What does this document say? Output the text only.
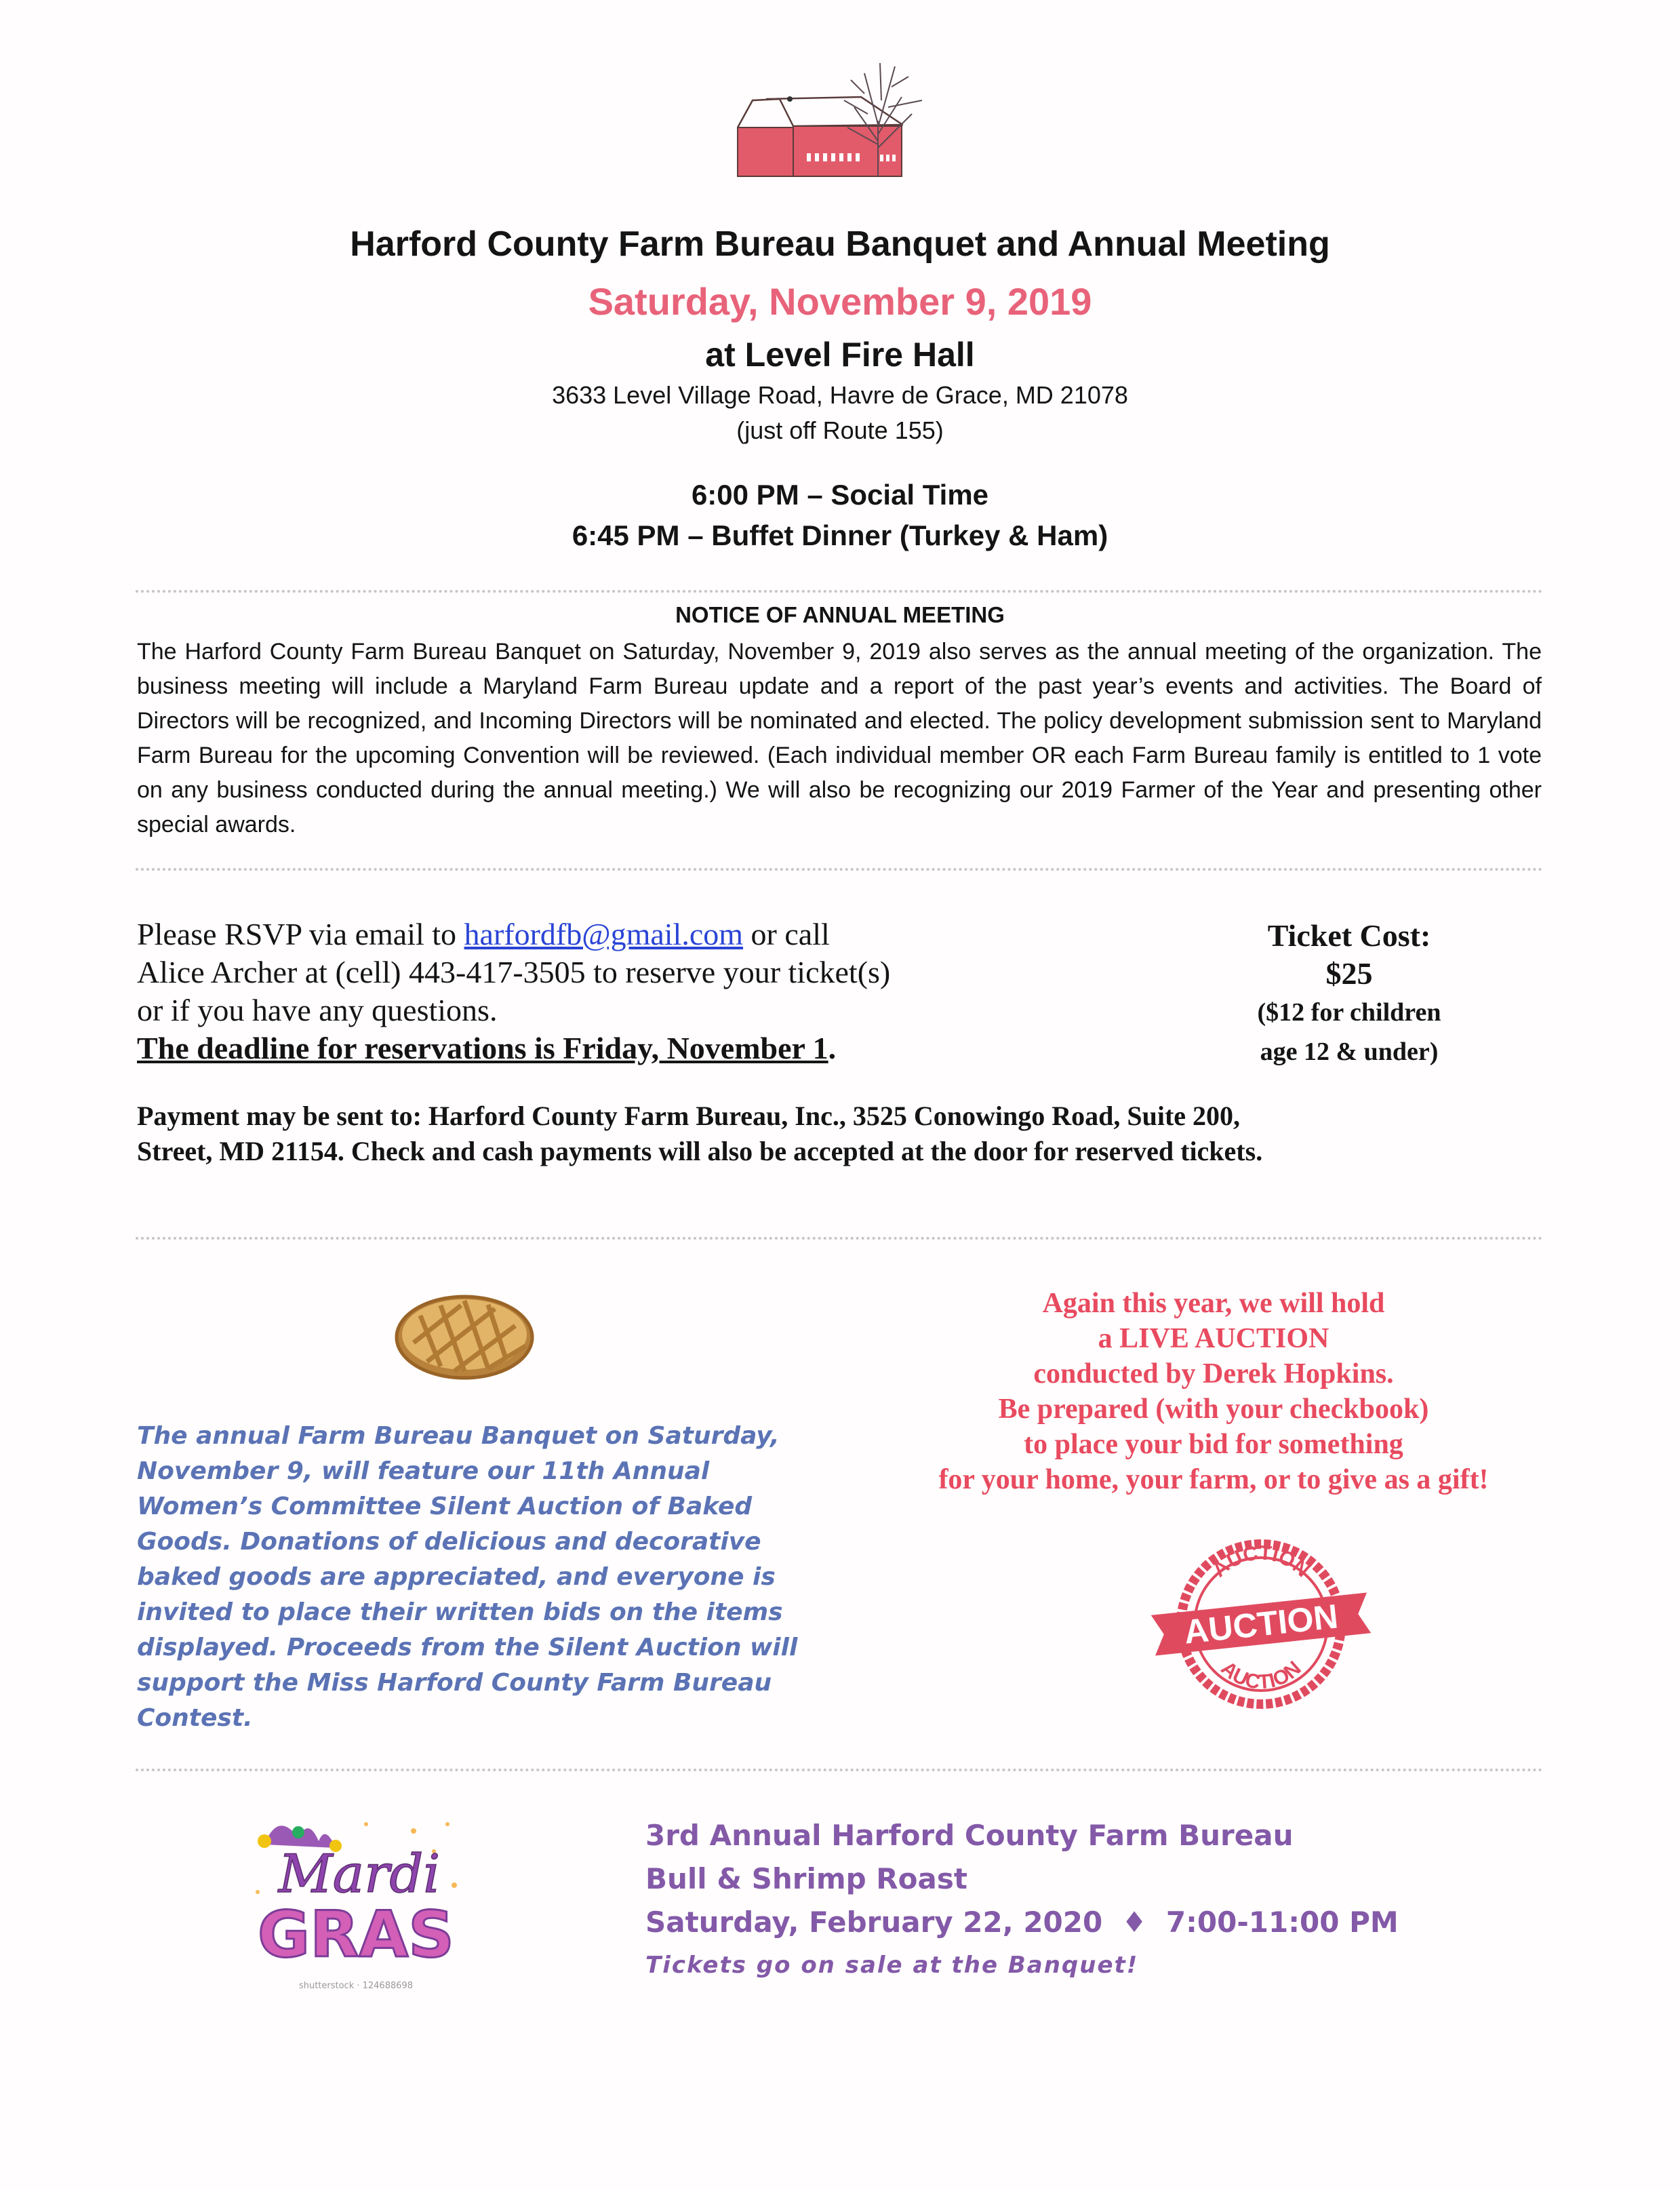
Harford County Farm Bureau Banquet and Annual Meeting
Saturday, November 9, 2019
at Level Fire Hall
3633 Level Village Road, Havre de Grace, MD 21078
(just off Route 155)
6:00 PM – Social Time
6:45 PM – Buffet Dinner (Turkey & Ham)
NOTICE OF ANNUAL MEETING
The Harford County Farm Bureau Banquet on Saturday, November 9, 2019 also serves as the annual meeting of the organization. The business meeting will include a Maryland Farm Bureau update and a report of the past year’s events and activities. The Board of Directors will be recognized, and Incoming Directors will be nominated and elected. The policy development submission sent to Maryland Farm Bureau for the upcoming Convention will be reviewed. (Each individual member OR each Farm Bureau family is entitled to 1 vote on any business conducted during the annual meeting.) We will also be recognizing our 2019 Farmer of the Year and presenting other special awards.
Please RSVP via email to harfordfb@gmail.com or call
Alice Archer at (cell) 443-417-3505 to reserve your ticket(s)
or if you have any questions.
The deadline for reservations is Friday, November 1.
Ticket Cost:
$25
($12 for children
age 12 & under)
Payment may be sent to: Harford County Farm Bureau, Inc., 3525 Conowingo Road, Suite 200,
Street, MD 21154. Check and cash payments will also be accepted at the door for reserved tickets.
The annual Farm Bureau Banquet on Saturday, November 9, will feature our 11th Annual Women’s Committee Silent Auction of Baked Goods. Donations of delicious and decorative baked goods are appreciated, and everyone is invited to place their written bids on the items displayed. Proceeds from the Silent Auction will support the Miss Harford County Farm Bureau Contest.
Again this year, we will hold
a LIVE AUCTION
conducted by Derek Hopkins.
Be prepared (with your checkbook)
to place your bid for something
for your home, your farm, or to give as a gift!
AUCTION
AUCTION
AUCTION
Mardi
GRAS
shutterstock · 124688698
3rd Annual Harford County Farm Bureau
Bull & Shrimp Roast
Saturday, February 22, 2020 ♦ 7:00-11:00 PM
Tickets go on sale at the Banquet!
